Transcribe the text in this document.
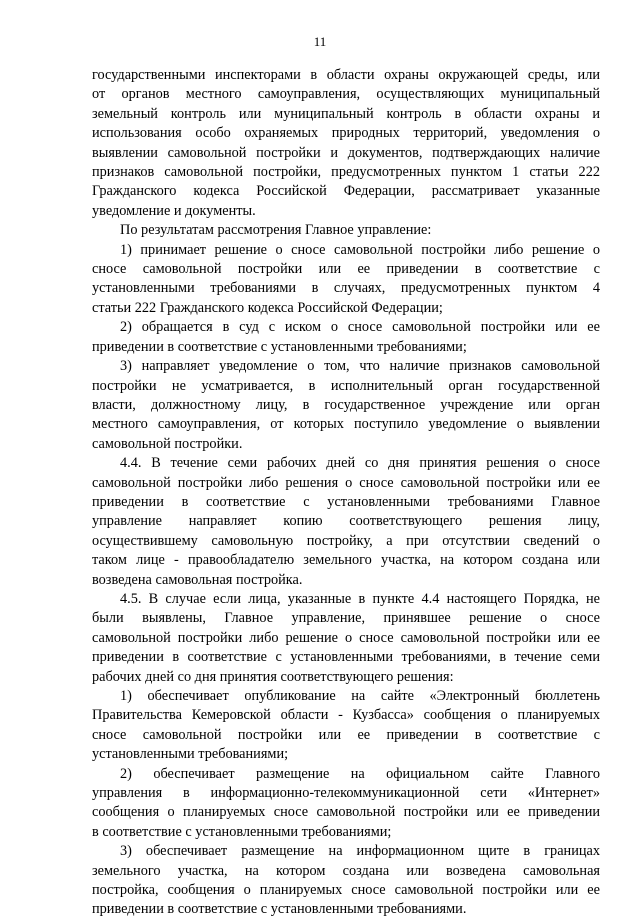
11
государственными инспекторами в области охраны окружающей среды, или
от органов местного самоуправления, осуществляющих муниципальный
земельный контроль или муниципальный контроль в области охраны и
использования особо охраняемых природных территорий, уведомления о
выявлении самовольной постройки и документов, подтверждающих наличие
признаков самовольной постройки, предусмотренных пунктом 1 статьи 222
Гражданского кодекса Российской Федерации, рассматривает указанные
уведомление и документы.
По результатам рассмотрения Главное управление:
1) принимает решение о сносе самовольной постройки либо решение о
сносе самовольной постройки или ее приведении в соответствие с
установленными требованиями в случаях, предусмотренных пунктом 4
статьи 222 Гражданского кодекса Российской Федерации;
2) обращается в суд с иском о сносе самовольной постройки или ее
приведении в соответствие с установленными требованиями;
3) направляет уведомление о том, что наличие признаков самовольной
постройки не усматривается, в исполнительный орган государственной
власти, должностному лицу, в государственное учреждение или орган
местного самоуправления, от которых поступило уведомление о выявлении
самовольной постройки.
4.4. В течение семи рабочих дней со дня принятия решения о сносе
самовольной постройки либо решения о сносе самовольной постройки или ее
приведении в соответствие с установленными требованиями Главное
управление направляет копию соответствующего решения лицу,
осуществившему самовольную постройку, а при отсутствии сведений о
таком лице - правообладателю земельного участка, на котором создана или
возведена самовольная постройка.
4.5. В случае если лица, указанные в пункте 4.4 настоящего Порядка, не
были выявлены, Главное управление, принявшее решение о сносе
самовольной постройки либо решение о сносе самовольной постройки или ее
приведении в соответствие с установленными требованиями, в течение семи
рабочих дней со дня принятия соответствующего решения:
1) обеспечивает опубликование на сайте «Электронный бюллетень
Правительства Кемеровской области - Кузбасса» сообщения о планируемых
сносе самовольной постройки или ее приведении в соответствие с
установленными требованиями;
2) обеспечивает размещение на официальном сайте Главного
управления в информационно-телекоммуникационной сети «Интернет»
сообщения о планируемых сносе самовольной постройки или ее приведении
в соответствие с установленными требованиями;
3) обеспечивает размещение на информационном щите в границах
земельного участка, на котором создана или возведена самовольная
постройка, сообщения о планируемых сносе самовольной постройки или ее
приведении в соответствие с установленными требованиями.
